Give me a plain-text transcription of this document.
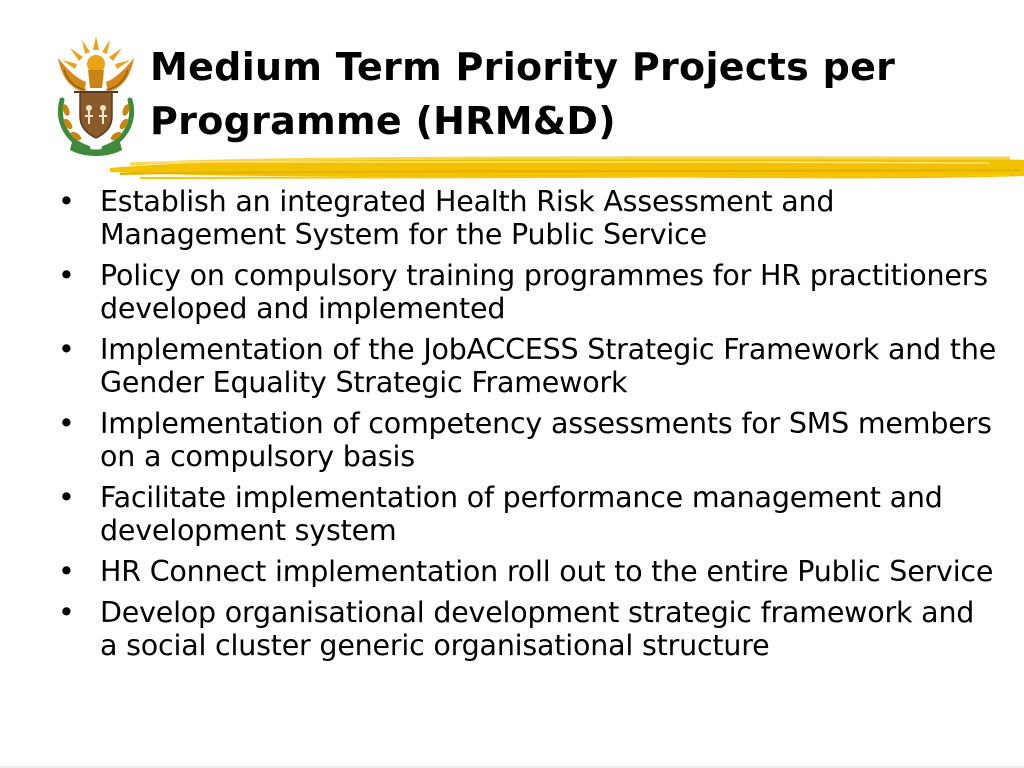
Medium Term Priority Projects per
Programme (HRM&D)
• Establish an integrated Health Risk Assessment and Management System for the Public Service
• Policy on compulsory training programmes for HR practitioners developed and implemented
• Implementation of the JobACCESS Strategic Framework and the Gender Equality Strategic Framework
• Implementation of competency assessments for SMS members on a compulsory basis
• Facilitate implementation of performance management and development system
• HR Connect implementation roll out to the entire Public Service
• Develop organisational development strategic framework and a social cluster generic organisational structure
